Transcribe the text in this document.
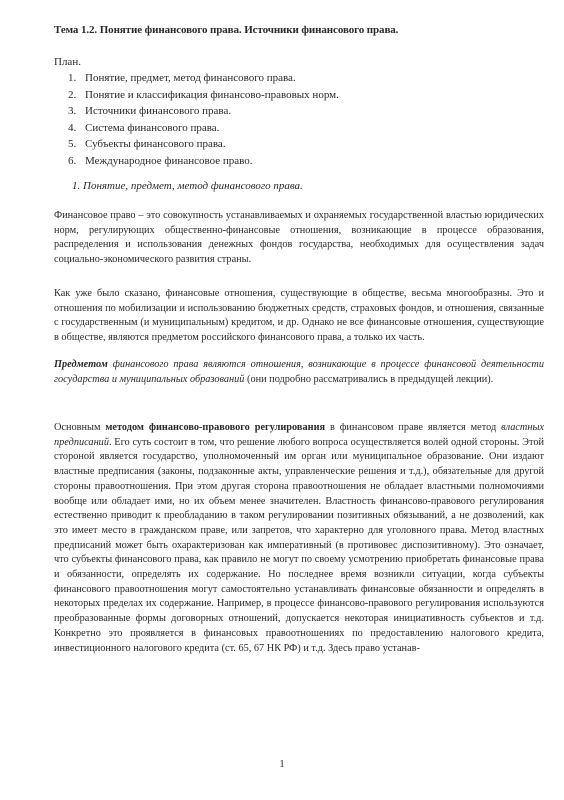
Тема 1.2. Понятие финансового права. Источники финансового права.
План.
1. Понятие, предмет, метод финансового права.
2. Понятие и классификация финансово-правовых норм.
3. Источники финансового права.
4. Система финансового права.
5. Субъекты финансового права.
6. Международное финансовое право.
1. Понятие, предмет, метод финансового права.

Финансовое право – это совокупность устанавливаемых и охраняемых государственной властью юридических норм, регулирующих общественно-финансовые отношения, возникающие в процессе образования, распределения и использования денежных фондов государства, необходимых для осуществления задач социально-экономического развития страны.

Как уже было сказано, финансовые отношения, существующие в обществе, весьма многообразны. Это и отношения по мобилизации и использованию бюджетных средств, страховых фондов, и отношения, связанные с государственным (и муниципальным) кредитом, и др. Однако не все финансовые отношения, существующие в обществе, являются предметом российского финансового права, а только их часть.

Предметом финансового права являются отношения, возникающие в процессе финансовой деятельности государства и муниципальных образований (они подробно рассматривались в предыдущей лекции).

Основным методом финансово-правового регулирования в финансовом праве является метод властных предписаний. Его суть состоит в том, что решение любого вопроса осуществляется волей одной стороны. Этой стороной является государство, уполномоченный им орган или муниципальное образование. Они издают властные предписания (законы, подзаконные акты, управленческие решения и т.д.), обязательные для другой стороны правоотношения. При этом другая сторона правоотношения не обладает властными полномочиями вообще или обладает ими, но их объем менее значителен. Властность финансово-правового регулирования естественно приводит к преобладанию в таком регулировании позитивных обязываний, а не дозволений, как это имеет место в гражданском праве, или запретов, что характерно для уголовного права. Метод властных предписаний может быть охарактеризован как императивный (в противовес диспозитивному). Это означает, что субъекты финансового права, как правило не могут по своему усмотрению приобретать финансовые права и обязанности, определять их содержание. Но последнее время возникли ситуации, когда субъекты финансового правоотношения могут самостоятельно устанавливать финансовые обязанности и определять в некоторых пределах их содержание. Например, в процессе финансово-правового регулирования используются преобразованные формы договорных отношений, допускается некоторая инициативность субъектов и т.д. Конкретно это проявляется в финансовых правоотношениях по предоставлению налогового кредита, инвестиционного налогового кредита (ст. 65, 67 НК РФ) и т.д. Здесь право устанав-

1
